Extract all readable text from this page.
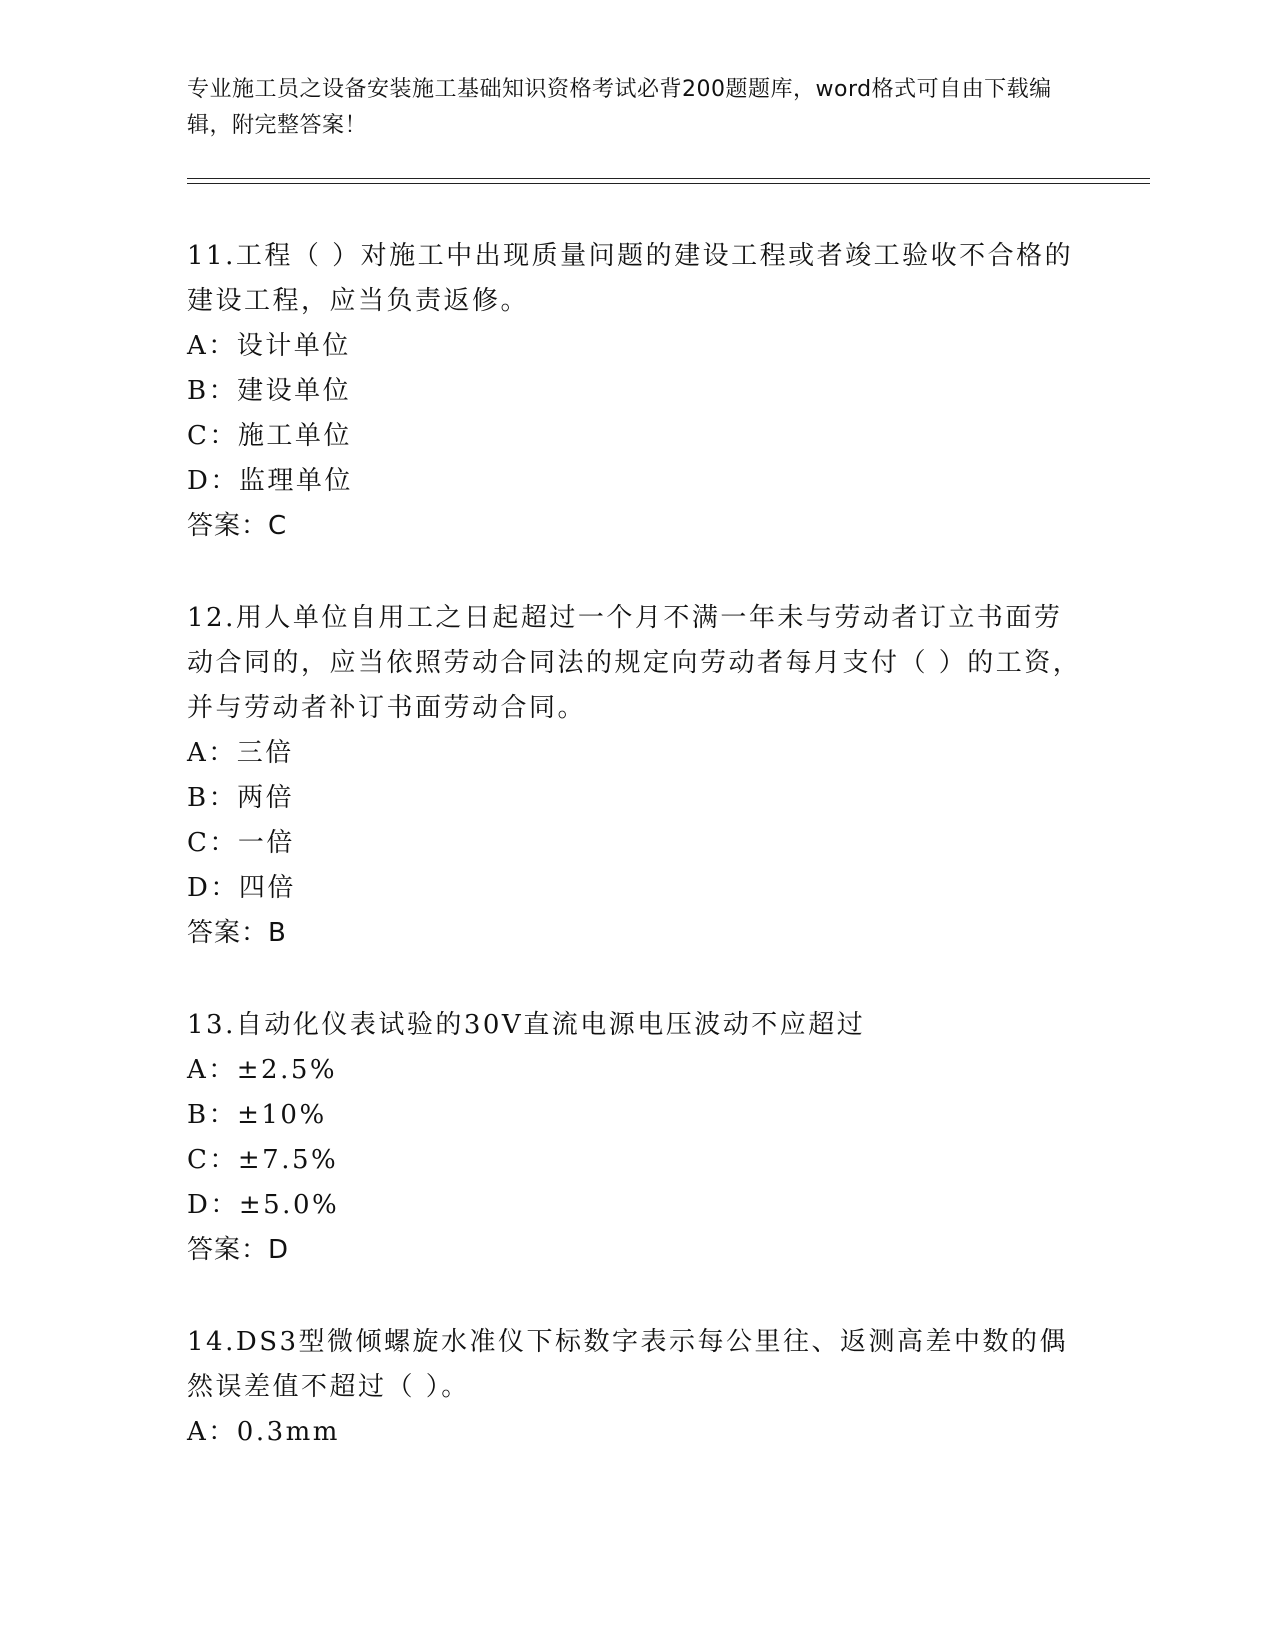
专业施工员之设备安装施工基础知识资格考试必背200题题库，word格式可自由下载编辑，附完整答案！

11.工程（ ）对施工中出现质量问题的建设工程或者竣工验收不合格的建设工程，应当负责返修。

A：设计单位

B：建设单位

C：施工单位

D：监理单位

答案：C

12.用人单位自用工之日起超过一个月不满一年未与劳动者订立书面劳动合同的，应当依照劳动合同法的规定向劳动者每月支付（ ）的工资，并与劳动者补订书面劳动合同。

A：三倍

B：两倍

C：一倍

D：四倍

答案：B

13.自动化仪表试验的30V直流电源电压波动不应超过

A：±2.5%

B：±10%

C：±7.5%

D：±5.0%

答案：D

14.DS3型微倾螺旋水准仪下标数字表示每公里往、返测高差中数的偶然误差值不超过（ ）。

A：0.3mm
